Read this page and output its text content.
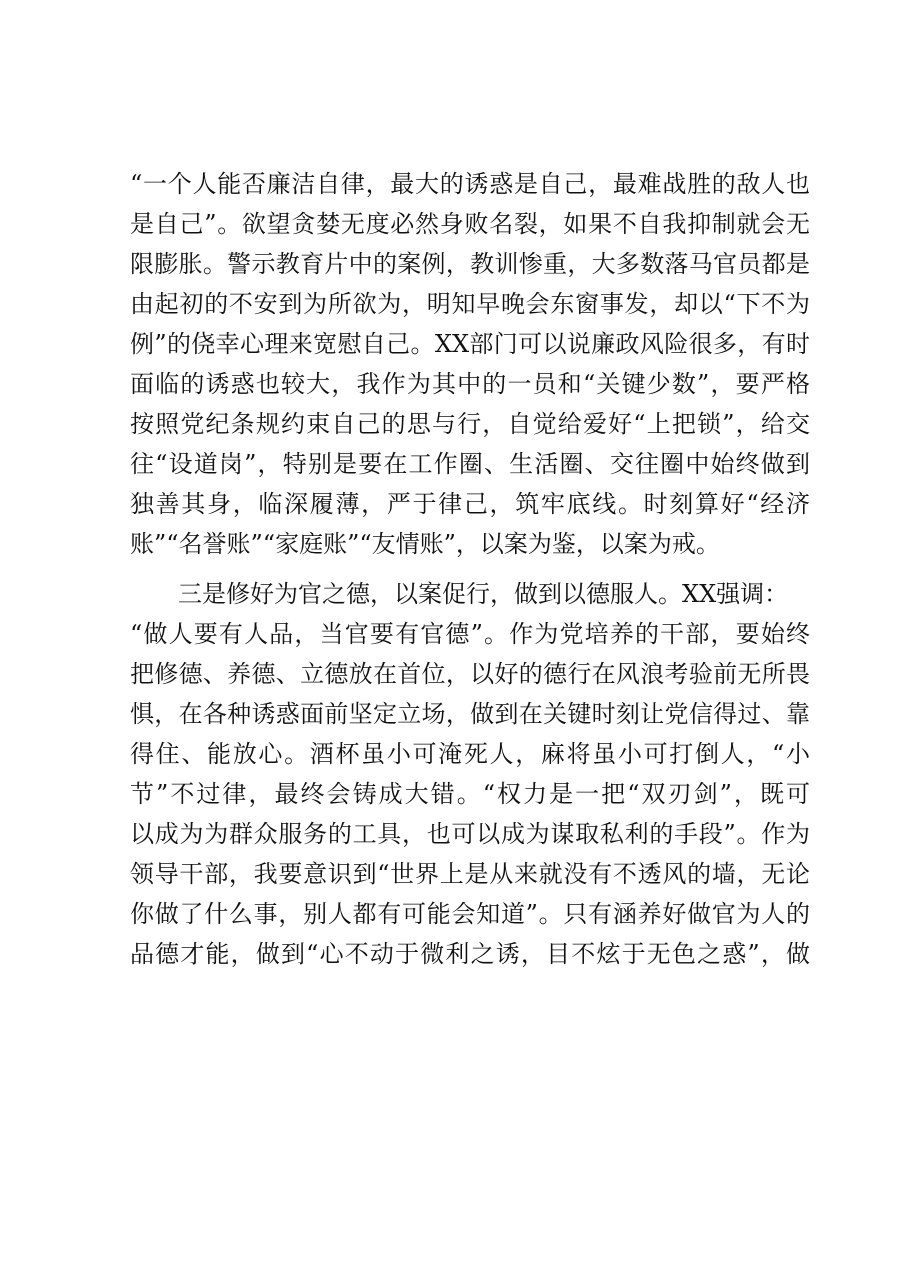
“一个人能否廉洁自律，最大的诱惑是自己，最难战胜的敌人也
是自己”。欲望贪婪无度必然身败名裂，如果不自我抑制就会无
限膨胀。警示教育片中的案例，教训惨重，大多数落马官员都是
由起初的不安到为所欲为，明知早晚会东窗事发，却以“下不为
例”的侥幸心理来宽慰自己。XX部门可以说廉政风险很多，有时
面临的诱惑也较大，我作为其中的一员和“关键少数”，要严格
按照党纪条规约束自己的思与行，自觉给爱好“上把锁”，给交
往“设道岗”，特别是要在工作圈、生活圈、交往圈中始终做到
独善其身，临深履薄，严于律己，筑牢底线。时刻算好“经济
账”“名誉账”“家庭账”“友情账”，以案为鉴，以案为戒。
三是修好为官之德，以案促行，做到以德服人。XX强调：
“做人要有人品，当官要有官德”。作为党培养的干部，要始终
把修德、养德、立德放在首位，以好的德行在风浪考验前无所畏
惧，在各种诱惑面前坚定立场，做到在关键时刻让党信得过、靠
得住、能放心。酒杯虽小可淹死人，麻将虽小可打倒人，“小
节”不过律，最终会铸成大错。“权力是一把“双刃剑”，既可
以成为为群众服务的工具，也可以成为谋取私利的手段”。作为
领导干部，我要意识到“世界上是从来就没有不透风的墙，无论
你做了什么事，别人都有可能会知道”。只有涵养好做官为人的
品德才能，做到“心不动于微利之诱，目不炫于无色之惑”，做
